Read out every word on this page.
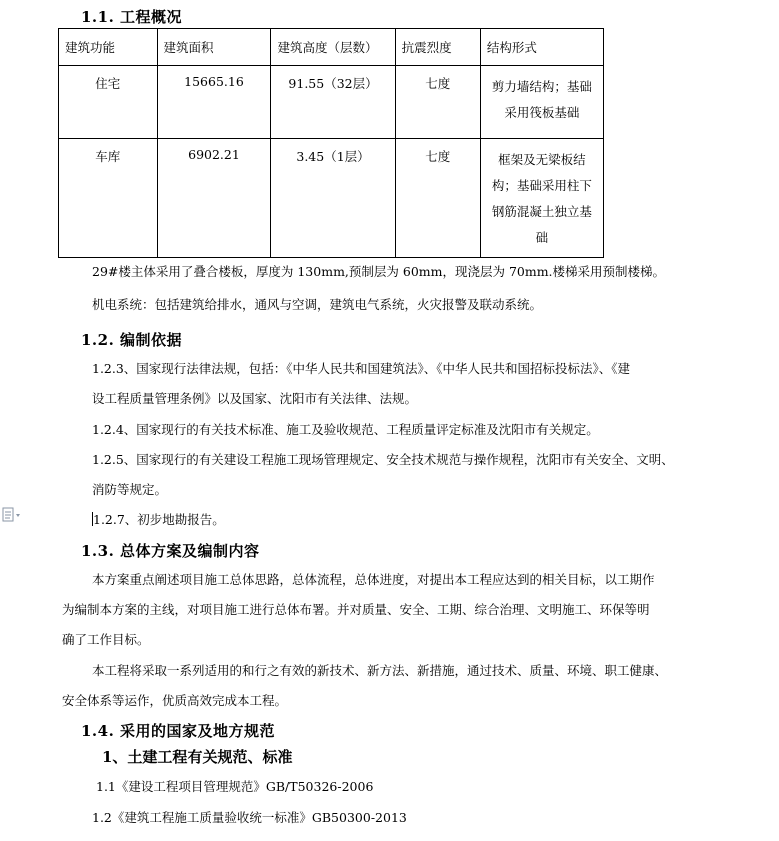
1.1. 工程概况
建筑功能	建筑面积	建筑高度（层数）	抗震烈度	结构形式
住宅	15665.16	91.55（32层）	七度	剪力墙结构；基础
采用筏板基础

车库	6902.21	3.45（1层）	七度	框架及无梁板结
构；基础采用柱下
钢筋混凝土独立基
础
29#楼主体采用了叠合楼板，厚度为 130mm,预制层为 60mm，现浇层为 70mm.楼梯采用预制楼梯。
机电系统：包括建筑给排水，通风与空调，建筑电气系统，火灾报警及联动系统。
1.2. 编制依据
1.2.3、国家现行法律法规，包括：《中华人民共和国建筑法》、《中华人民共和国招标投标法》、《建
设工程质量管理条例》以及国家、沈阳市有关法律、法规。
1.2.4、国家现行的有关技术标准、施工及验收规范、工程质量评定标准及沈阳市有关规定。
1.2.5、国家现行的有关建设工程施工现场管理规定、安全技术规范与操作规程，沈阳市有关安全、文明、
消防等规定。
1.2.7、初步地勘报告。
1.3. 总体方案及编制内容
本方案重点阐述项目施工总体思路，总体流程，总体进度，对提出本工程应达到的相关目标，以工期作
为编制本方案的主线，对项目施工进行总体布署。并对质量、安全、工期、综合治理、文明施工、环保等明
确了工作目标。
本工程将采取一系列适用的和行之有效的新技术、新方法、新措施，通过技术、质量、环境、职工健康、
安全体系等运作，优质高效完成本工程。
1.4. 采用的国家及地方规范
1、土建工程有关规范、标准
1.1《建设工程项目管理规范》GB/T50326-2006
1.2《建筑工程施工质量验收统一标准》GB50300-2013
